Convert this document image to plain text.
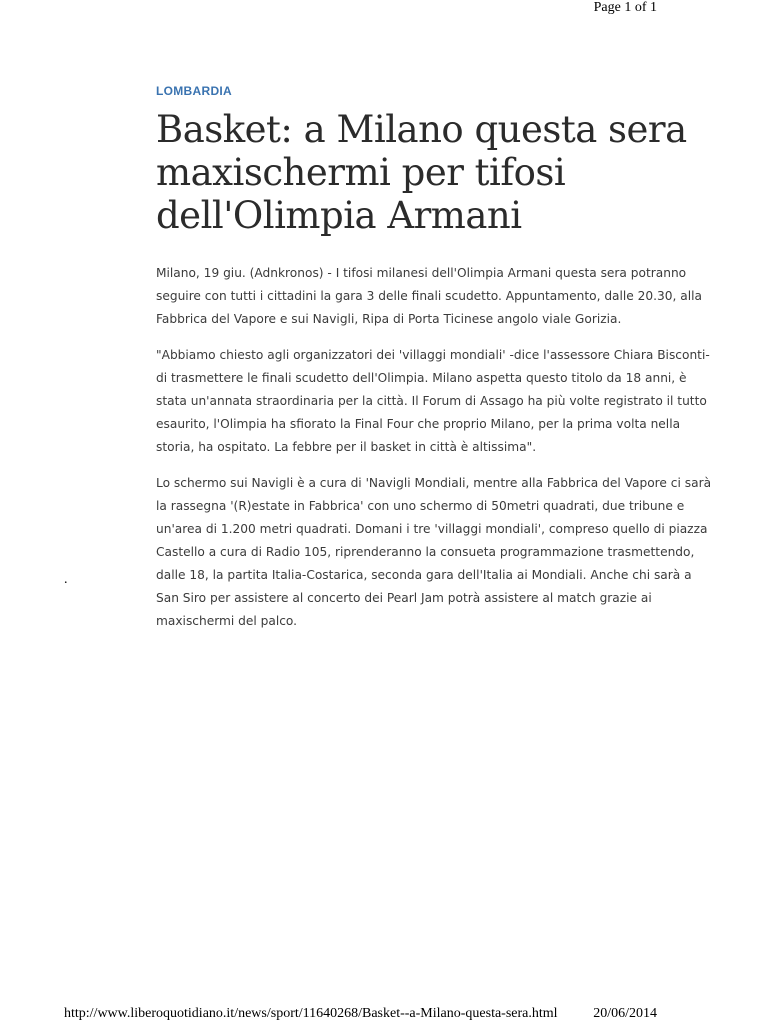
Page 1 of 1
LOMBARDIA
Basket: a Milano questa sera maxischermi per tifosi dell'Olimpia Armani

Milano, 19 giu. (Adnkronos) - I tifosi milanesi dell'Olimpia Armani questa sera potranno seguire con tutti i cittadini la gara 3 delle finali scudetto. Appuntamento, dalle 20.30, alla Fabbrica del Vapore e sui Navigli, Ripa di Porta Ticinese angolo viale Gorizia.

"Abbiamo chiesto agli organizzatori dei 'villaggi mondiali' -dice l'assessore Chiara Bisconti- di trasmettere le finali scudetto dell'Olimpia. Milano aspetta questo titolo da 18 anni, è stata un'annata straordinaria per la città. Il Forum di Assago ha più volte registrato il tutto esaurito, l'Olimpia ha sfiorato la Final Four che proprio Milano, per la prima volta nella storia, ha ospitato. La febbre per il basket in città è altissima".

Lo schermo sui Navigli è a cura di 'Navigli Mondiali, mentre alla Fabbrica del Vapore ci sarà la rassegna '(R)estate in Fabbrica' con uno schermo di 50metri quadrati, due tribune e un'area di 1.200 metri quadrati. Domani i tre 'villaggi mondiali', compreso quello di piazza Castello a cura di Radio 105, riprenderanno la consueta programmazione trasmettendo, dalle 18, la partita Italia-Costarica, seconda gara dell'Italia ai Mondiali. Anche chi sarà a San Siro per assistere al concerto dei Pearl Jam potrà assistere al match grazie ai maxischermi del palco.

.
http://www.liberoquotidiano.it/news/sport/11640268/Basket--a-Milano-questa-sera.html	20/06/2014
